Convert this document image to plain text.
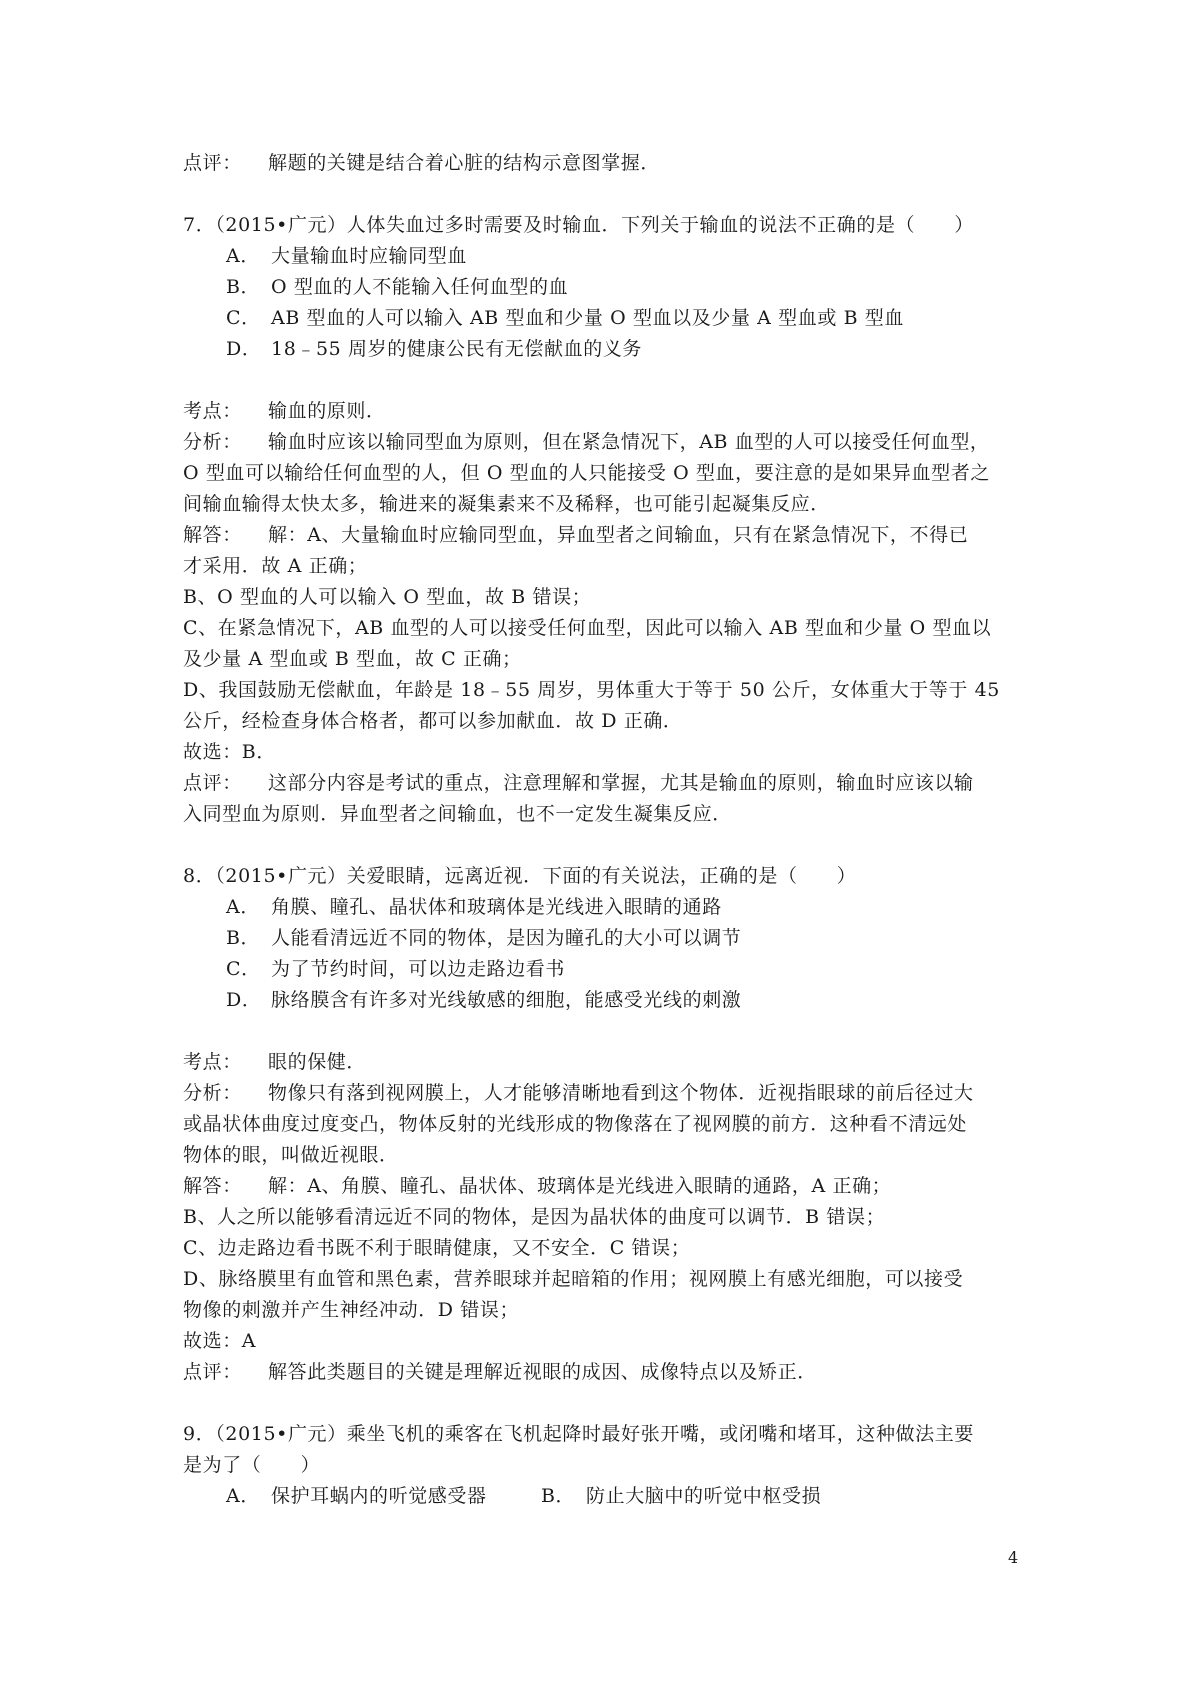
点评：	解题的关键是结合着心脏的结构示意图掌握．

7．（2015•广元）人体失血过多时需要及时输血．下列关于输血的说法不正确的是（　　）

A． 大量输血时应输同型血
B． O 型血的人不能输入任何血型的血
C． AB 型血的人可以输入 AB 型血和少量 O 型血以及少量 A 型血或 B 型血
D． 18﹣55 周岁的健康公民有无偿献血的义务
考点：	输血的原则．
分析：	输血时应该以输同型血为原则，但在紧急情况下，AB 血型的人可以接受任何血型，

O 型血可以输给任何血型的人，但 O 型血的人只能接受 O 型血，要注意的是如果异血型者之

间输血输得太快太多，输进来的凝集素来不及稀释，也可能引起凝集反应．

解答：	解：A、大量输血时应输同型血，异血型者之间输血，只有在紧急情况下，不得已

才采用．故 A 正确；

B、O 型血的人可以输入 O 型血，故 B 错误；

C、在紧急情况下，AB 血型的人可以接受任何血型，因此可以输入 AB 型血和少量 O 型血以

及少量 A 型血或 B 型血，故 C 正确；

D、我国鼓励无偿献血，年龄是 18﹣55 周岁，男体重大于等于 50 公斤，女体重大于等于 45

公斤，经检查身体合格者，都可以参加献血．故 D 正确．

故选：B．

点评：	这部分内容是考试的重点，注意理解和掌握，尤其是输血的原则，输血时应该以输

入同型血为原则．异血型者之间输血，也不一定发生凝集反应．

8．（2015•广元）关爱眼睛，远离近视．下面的有关说法，正确的是（　　）

A． 角膜、瞳孔、晶状体和玻璃体是光线进入眼睛的通路
B． 人能看清远近不同的物体，是因为瞳孔的大小可以调节
C． 为了节约时间，可以边走路边看书
D． 脉络膜含有许多对光线敏感的细胞，能感受光线的刺激
考点：	眼的保健．
分析：	物像只有落到视网膜上，人才能够清晰地看到这个物体．近视指眼球的前后径过大

或晶状体曲度过度变凸，物体反射的光线形成的物像落在了视网膜的前方．这种看不清远处

物体的眼，叫做近视眼．

解答：	解：A、角膜、瞳孔、晶状体、玻璃体是光线进入眼睛的通路，A 正确；

B、人之所以能够看清远近不同的物体，是因为晶状体的曲度可以调节．B 错误；

C、边走路边看书既不利于眼睛健康，又不安全．C 错误；

D、脉络膜里有血管和黑色素，营养眼球并起暗箱的作用；视网膜上有感光细胞，可以接受

物像的刺激并产生神经冲动．D 错误；

故选：A

点评：	解答此类题目的关键是理解近视眼的成因、成像特点以及矫正．

9．（2015•广元）乘坐飞机的乘客在飞机起降时最好张开嘴，或闭嘴和堵耳，这种做法主要

是为了（　　）

A． 保护耳蜗内的听觉感受器	B． 防止大脑中的听觉中枢受损
4
